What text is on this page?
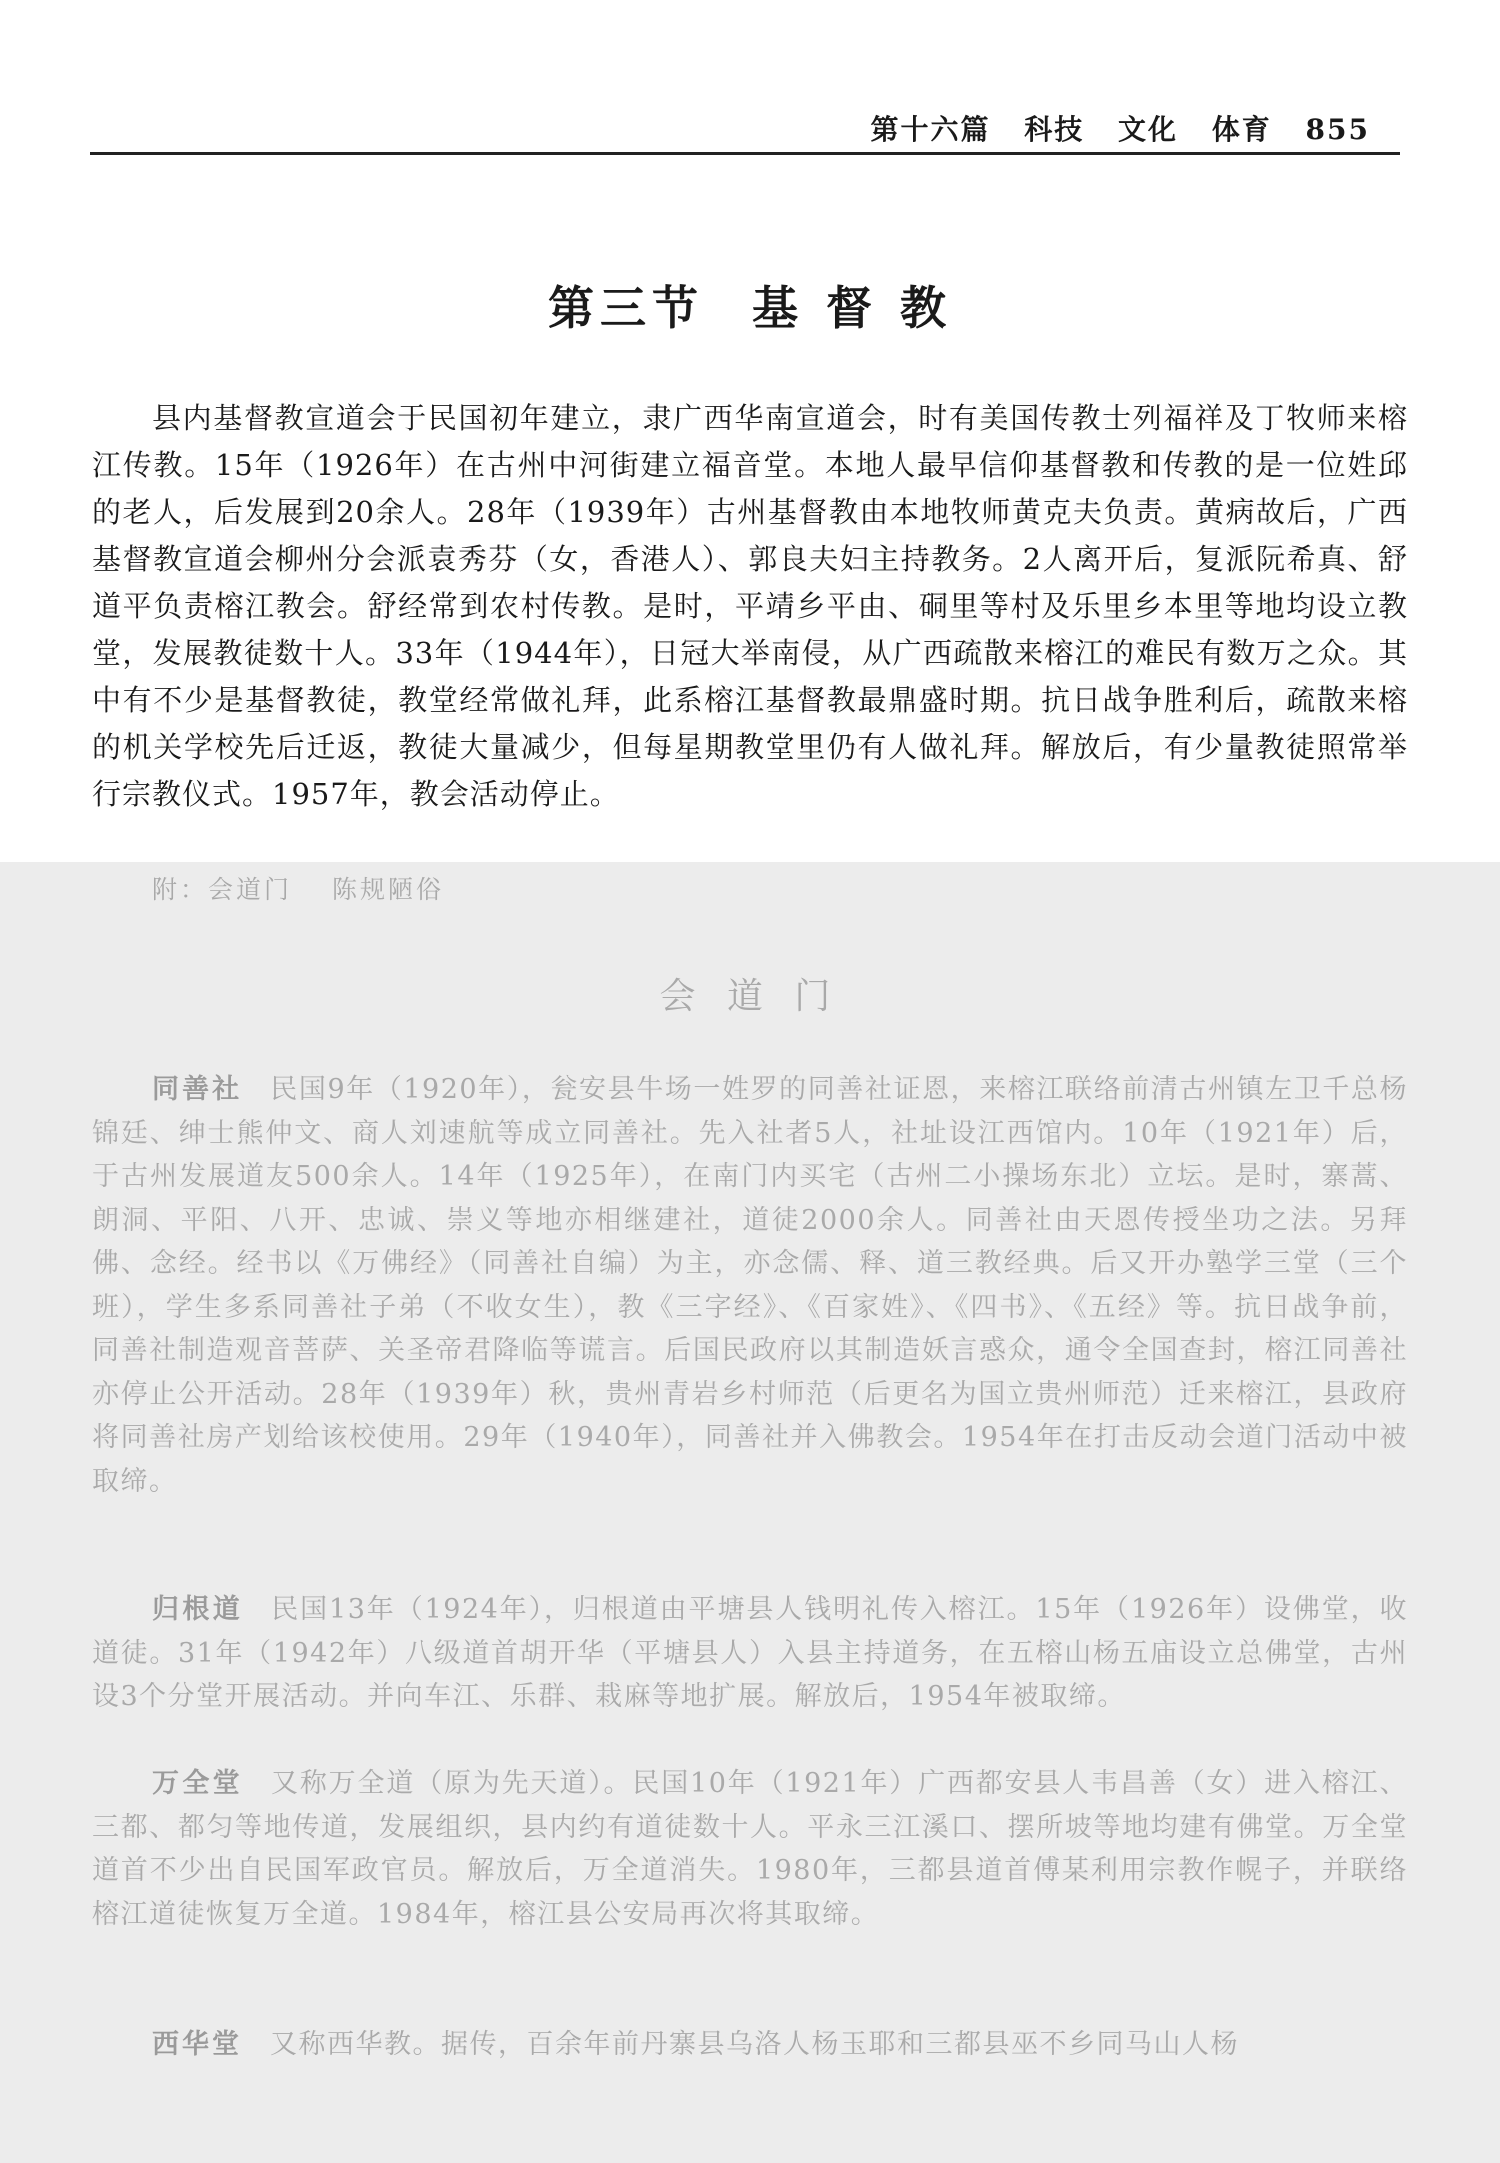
第十六篇 科技 文化 体育 855
第三节 基 督 教

县内基督教宣道会于民国初年建立，隶广西华南宣道会，时有美国传教士列福祥及丁牧师来榕江传教。15年（1926年）在古州中河街建立福音堂。本地人最早信仰基督教和传教的是一位姓邱的老人，后发展到20余人。28年（1939年）古州基督教由本地牧师黄克夫负责。黄病故后，广西基督教宣道会柳州分会派袁秀芬（女，香港人）、郭良夫妇主持教务。2人离开后，复派阮希真、舒道平负责榕江教会。舒经常到农村传教。是时，平靖乡平由、硐里等村及乐里乡本里等地均设立教堂，发展教徒数十人。33年（1944年），日冠大举南侵，从广西疏散来榕江的难民有数万之众。其中有不少是基督教徒，教堂经常做礼拜，此系榕江基督教最鼎盛时期。抗日战争胜利后，疏散来榕的机关学校先后迁返，教徒大量减少，但每星期教堂里仍有人做礼拜。解放后，有少量教徒照常举行宗教仪式。1957年，教会活动停止。

附：会道门 陈规陋俗
会 道 门

同善社 民国9年（1920年），瓮安县牛场一姓罗的同善社证恩，来榕江联络前清古州镇左卫千总杨锦廷、绅士熊仲文、商人刘速航等成立同善社。先入社者5人，社址设江西馆内。10年（1921年）后，于古州发展道友500余人。14年（1925年），在南门内买宅（古州二小操场东北）立坛。是时，寨蒿、朗洞、平阳、八开、忠诚、崇义等地亦相继建社，道徒2000余人。同善社由天恩传授坐功之法。另拜佛、念经。经书以《万佛经》（同善社自编）为主，亦念儒、释、道三教经典。后又开办塾学三堂（三个班），学生多系同善社子弟（不收女生），教《三字经》、《百家姓》、《四书》、《五经》等。抗日战争前，同善社制造观音菩萨、关圣帝君降临等谎言。后国民政府以其制造妖言惑众，通令全国查封，榕江同善社亦停止公开活动。28年（1939年）秋，贵州青岩乡村师范（后更名为国立贵州师范）迁来榕江，县政府将同善社房产划给该校使用。29年（1940年），同善社并入佛教会。1954年在打击反动会道门活动中被取缔。

归根道 民国13年（1924年），归根道由平塘县人钱明礼传入榕江。15年（1926年）设佛堂，收道徒。31年（1942年）八级道首胡开华（平塘县人）入县主持道务，在五榕山杨五庙设立总佛堂，古州设3个分堂开展活动。并向车江、乐群、栽麻等地扩展。解放后，1954年被取缔。

万全堂 又称万全道（原为先天道）。民国10年（1921年）广西都安县人韦昌善（女）进入榕江、三都、都匀等地传道，发展组织，县内约有道徒数十人。平永三江溪口、摆所坡等地均建有佛堂。万全堂道首不少出自民国军政官员。解放后，万全道消失。1980年，三都县道首傅某利用宗教作幌子，并联络榕江道徒恢复万全道。1984年，榕江县公安局再次将其取缔。

西华堂 又称西华教。据传，百余年前丹寨县乌洛人杨玉耶和三都县巫不乡同马山人杨
